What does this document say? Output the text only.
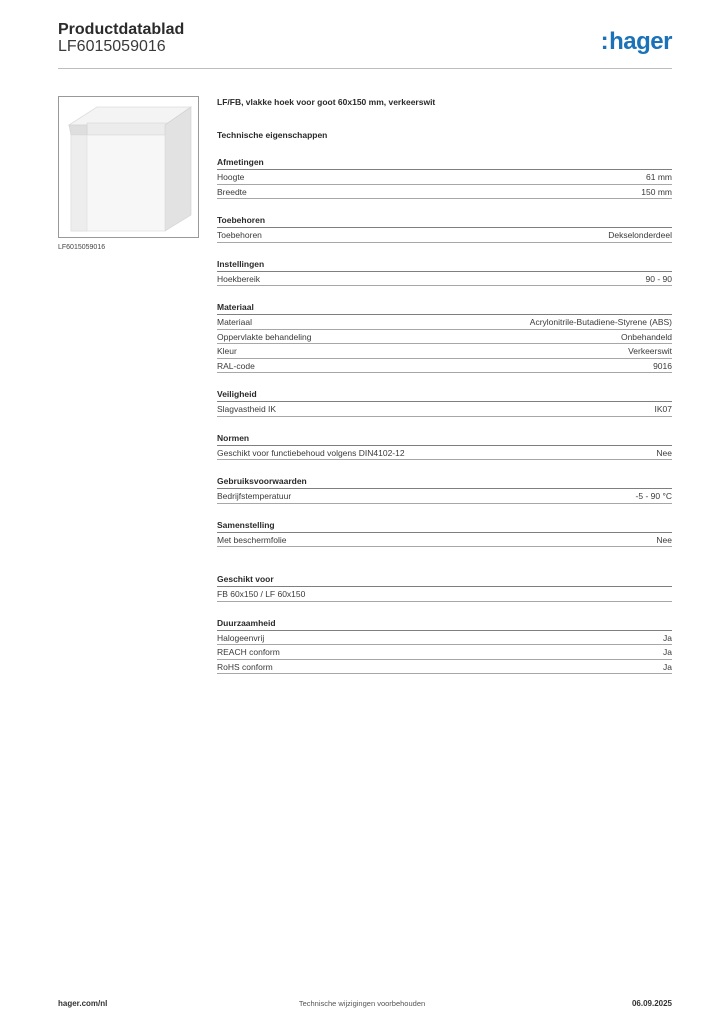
Productdatablad
LF6015059016	:hager
LF6015059016
LF/FB, vlakke hoek voor goot 60x150 mm, verkeerswit
Technische eigenschappen
Afmetingen
Hoogte	61 mm
Breedte	150 mm
Toebehoren
Toebehoren	Dekselonderdeel
Instellingen
Hoekbereik	90 - 90
Materiaal
Materiaal	Acrylonitrile-Butadiene-Styrene (ABS)
Oppervlakte behandeling	Onbehandeld
Kleur	Verkeerswit
RAL-code	9016
Veiligheid
Slagvastheid IK	IK07
Normen
Geschikt voor functiebehoud volgens DIN4102-12	Nee
Gebruiksvoorwaarden
Bedrijfstemperatuur	-5 - 90 °C
Samenstelling
Met beschermfolie	Nee
Geschikt voor
FB 60x150 / LF 60x150
Duurzaamheid
Halogeenvrij	Ja
REACH conform	Ja
RoHS conform	Ja
hager.com/nl	Technische wijzigingen voorbehouden	06.09.2025
